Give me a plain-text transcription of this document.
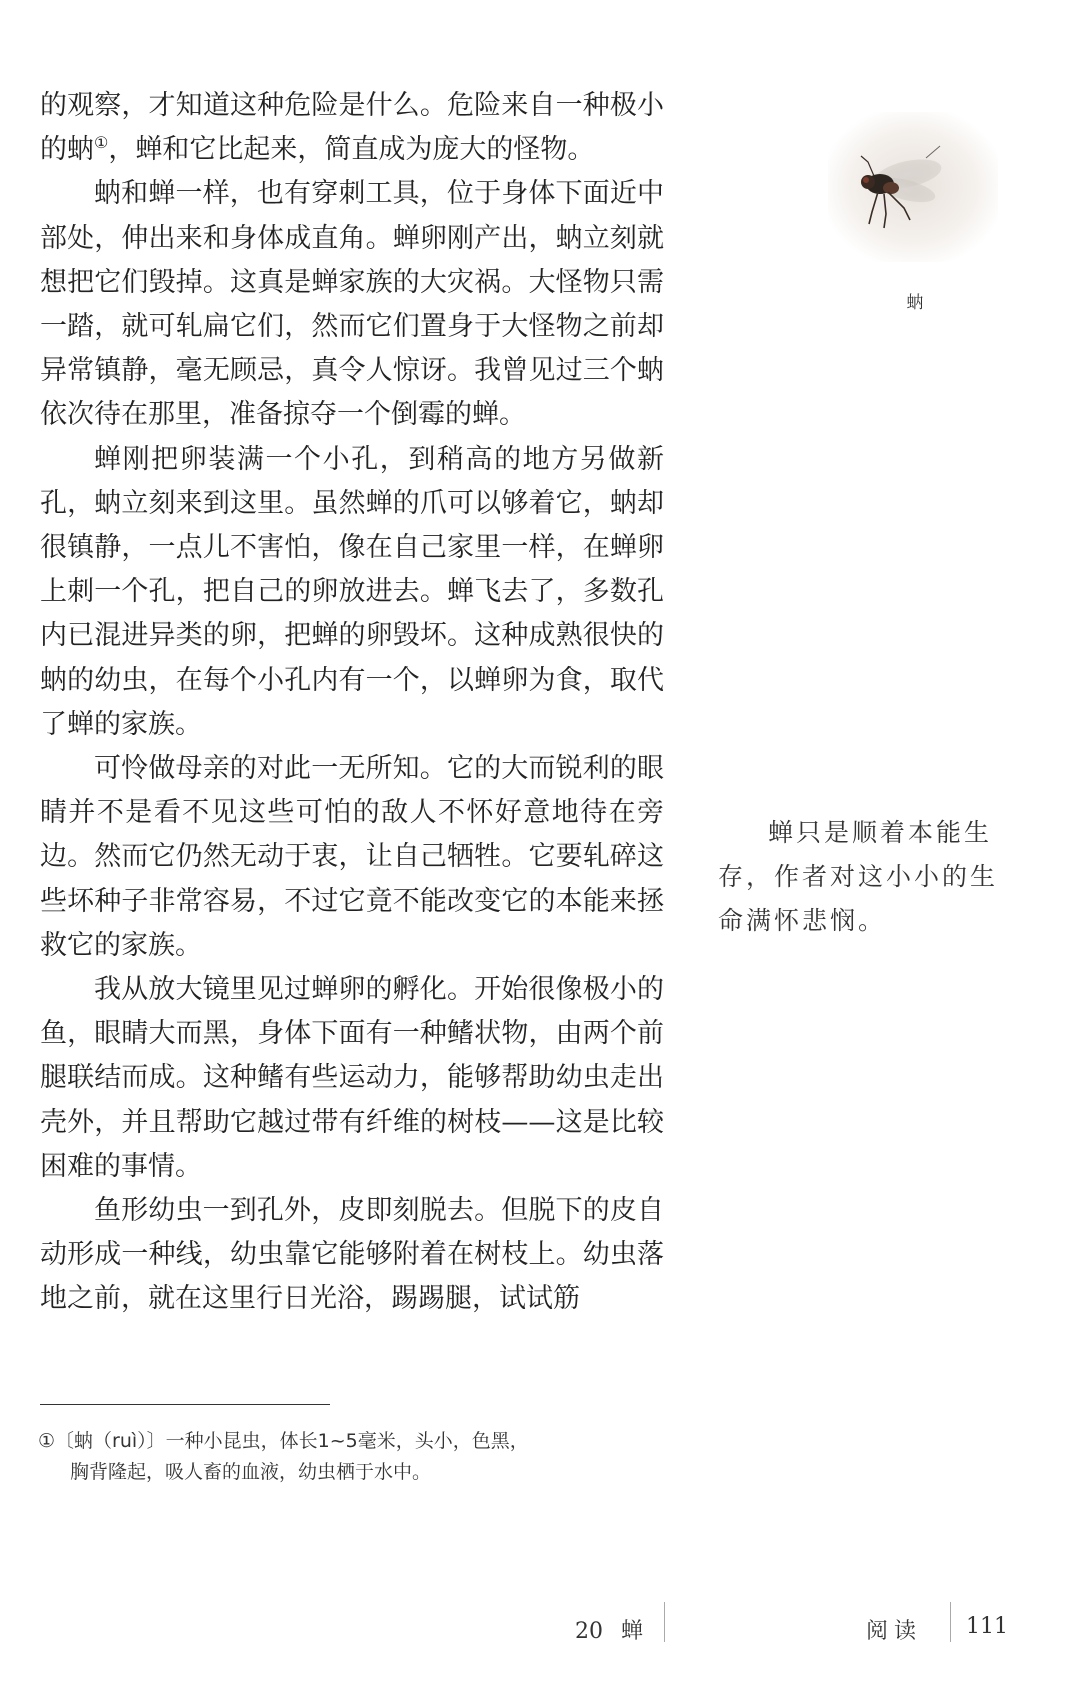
的观察，才知道这种危险是什么。危险来自一种极小的蚋①，蝉和它比起来，简直成为庞大的怪物。

蚋和蝉一样，也有穿刺工具，位于身体下面近中部处，伸出来和身体成直角。蝉卵刚产出，蚋立刻就想把它们毁掉。这真是蝉家族的大灾祸。大怪物只需一踏，就可轧扁它们，然而它们置身于大怪物之前却异常镇静，毫无顾忌，真令人惊讶。我曾见过三个蚋依次待在那里，准备掠夺一个倒霉的蝉。

蝉刚把卵装满一个小孔，到稍高的地方另做新孔，蚋立刻来到这里。虽然蝉的爪可以够着它，蚋却很镇静，一点儿不害怕，像在自己家里一样，在蝉卵上刺一个孔，把自己的卵放进去。蝉飞去了，多数孔内已混进异类的卵，把蝉的卵毁坏。这种成熟很快的蚋的幼虫，在每个小孔内有一个，以蝉卵为食，取代了蝉的家族。

可怜做母亲的对此一无所知。它的大而锐利的眼睛并不是看不见这些可怕的敌人不怀好意地待在旁边。然而它仍然无动于衷，让自己牺牲。它要轧碎这些坏种子非常容易，不过它竟不能改变它的本能来拯救它的家族。

我从放大镜里见过蝉卵的孵化。开始很像极小的鱼，眼睛大而黑，身体下面有一种鳍状物，由两个前腿联结而成。这种鳍有些运动力，能够帮助幼虫走出壳外，并且帮助它越过带有纤维的树枝——这是比较困难的事情。

鱼形幼虫一到孔外，皮即刻脱去。但脱下的皮自动形成一种线，幼虫靠它能够附着在树枝上。幼虫落地之前，就在这里行日光浴，踢踢腿，试试筋

蚋
蝉只是顺着本能生存，作者对这小小的生命满怀悲悯。
①〔蚋（ruì）〕一种小昆虫，体长1~5毫米，头小，色黑，胸背隆起，吸人畜的血液，幼虫栖于水中。
20 蝉	阅读 111
